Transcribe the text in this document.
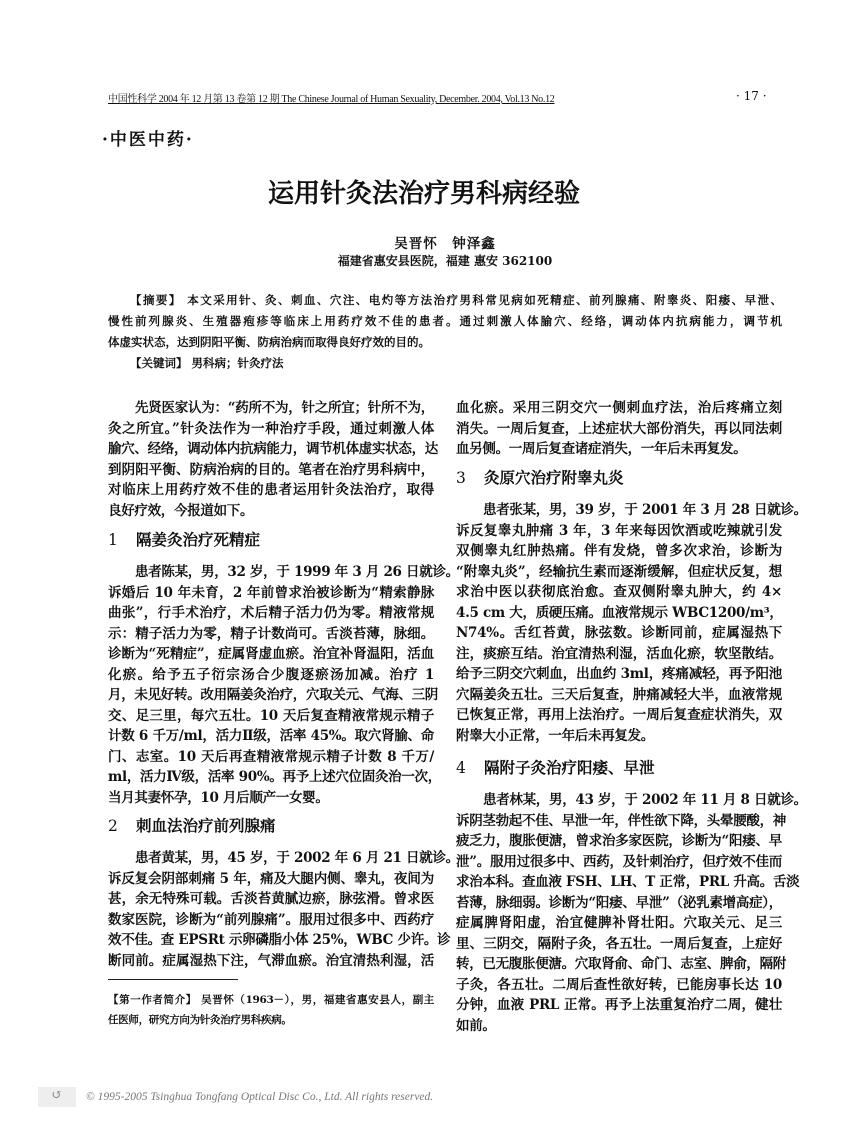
中国性科学 2004 年 12 月第 13 卷第 12 期 The Chinese Journal of Human Sexuality, December. 2004, Vol.13 No.12	· 17 ·
·中医中药·
运用针灸法治疗男科病经验
吴晋怀　钟泽鑫
福建省惠安县医院，福建 惠安 362100
【摘要】 本文采用针、灸、刺血、穴注、电灼等方法治疗男科常见病如死精症、前列腺痛、附睾炎、阳痿、早泄、
慢性前列腺炎、生殖器疱疹等临床上用药疗效不佳的患者。通过刺激人体腧穴、经络，调动体内抗病能力，调节机
体虚实状态，达到阴阳平衡、防病治病而取得良好疗效的目的。
【关键词】 男科病；针灸疗法
先贤医家认为：“药所不为，针之所宜；针所不为，
灸之所宜。”针灸法作为一种治疗手段，通过刺激人体
腧穴、经络，调动体内抗病能力，调节机体虚实状态，达
到阴阳平衡、防病治病的目的。笔者在治疗男科病中，
对临床上用药疗效不佳的患者运用针灸法治疗，取得
良好疗效，今报道如下。
1 隔姜灸治疗死精症
患者陈某，男，32 岁，于 1999 年 3 月 26 日就诊。
诉婚后 10 年未育，2 年前曾求治被诊断为“精索静脉
曲张”，行手术治疗，术后精子活力仍为零。精液常规
示：精子活力为零，精子计数尚可。舌淡苔薄，脉细。
诊断为“死精症”，症属肾虚血瘀。治宜补肾温阳，活血
化瘀。给予五子衍宗汤合少腹逐瘀汤加减。治疗 1
月，未见好转。改用隔姜灸治疗，穴取关元、气海、三阴
交、足三里，每穴五壮。10 天后复查精液常规示精子
计数 6 千万/ml，活力Ⅱ级，活率 45%。取穴肾腧、命
门、志室。10 天后再查精液常规示精子计数 8 千万/
ml，活力Ⅳ级，活率 90%。再予上述穴位固灸治一次，
当月其妻怀孕，10 月后顺产一女婴。
2 刺血法治疗前列腺痛
患者黄某，男，45 岁，于 2002 年 6 月 21 日就诊。
诉反复会阴部刺痛 5 年，痛及大腿内侧、睾丸，夜间为
甚，余无特殊可载。舌淡苔黄腻边瘀，脉弦滑。曾求医
数家医院，诊断为“前列腺痛”。服用过很多中、西药疗
效不佳。查 EPSRt 示卵磷脂小体 25%，WBC 少许。诊
断同前。症属湿热下注，气滞血瘀。治宜清热利湿，活
【第一作者简介】 吴晋怀（1963－），男，福建省惠安县人，副主
任医师，研究方向为针灸治疗男科疾病。
血化瘀。采用三阴交穴一侧刺血疗法，治后疼痛立刻
消失。一周后复查，上述症状大部份消失，再以同法刺
血另侧。一周后复查诸症消失，一年后未再复发。
3 灸原穴治疗附睾丸炎
患者张某，男，39 岁，于 2001 年 3 月 28 日就诊。
诉反复睾丸肿痛 3 年，3 年来每因饮酒或吃辣就引发
双侧睾丸红肿热痛。伴有发烧，曾多次求治，诊断为
“附睾丸炎”，经输抗生素而逐渐缓解，但症状反复，想
求治中医以获彻底治愈。查双侧附睾丸肿大，约 4×
4.5 cm 大，质硬压痛。血液常规示 WBC1200/m³，
N74%。舌红苔黄，脉弦数。诊断同前，症属湿热下
注，痰瘀互结。治宜清热利湿，活血化瘀，软坚散结。
给予三阴交穴刺血，出血约 3ml，疼痛减轻，再予阳池
穴隔姜灸五壮。三天后复查，肿痛减轻大半，血液常规
已恢复正常，再用上法治疗。一周后复查症状消失，双
附睾大小正常，一年后未再复发。
4 隔附子灸治疗阳痿、早泄
患者林某，男，43 岁，于 2002 年 11 月 8 日就诊。
诉阴茎勃起不佳、早泄一年，伴性欲下降，头晕腰酸，神
疲乏力，腹胀便溏，曾求治多家医院，诊断为“阳痿、早
泄”。服用过很多中、西药，及针刺治疗，但疗效不佳而
求治本科。查血液 FSH、LH、T 正常，PRL 升高。舌淡
苔薄，脉细弱。诊断为“阳痿、早泄”（泌乳素增高症），
症属脾肾阳虚，治宜健脾补肾壮阳。穴取关元、足三
里、三阴交，隔附子灸，各五壮。一周后复查，上症好
转，已无腹胀便溏。穴取肾俞、命门、志室、脾俞，隔附
子灸，各五壮。二周后查性欲好转，已能房事长达 10
分钟，血液 PRL 正常。再予上法重复治疗二周，健壮
如前。
↺	© 1995-2005 Tsinghua Tongfang Optical Disc Co., Ltd. All rights reserved.
